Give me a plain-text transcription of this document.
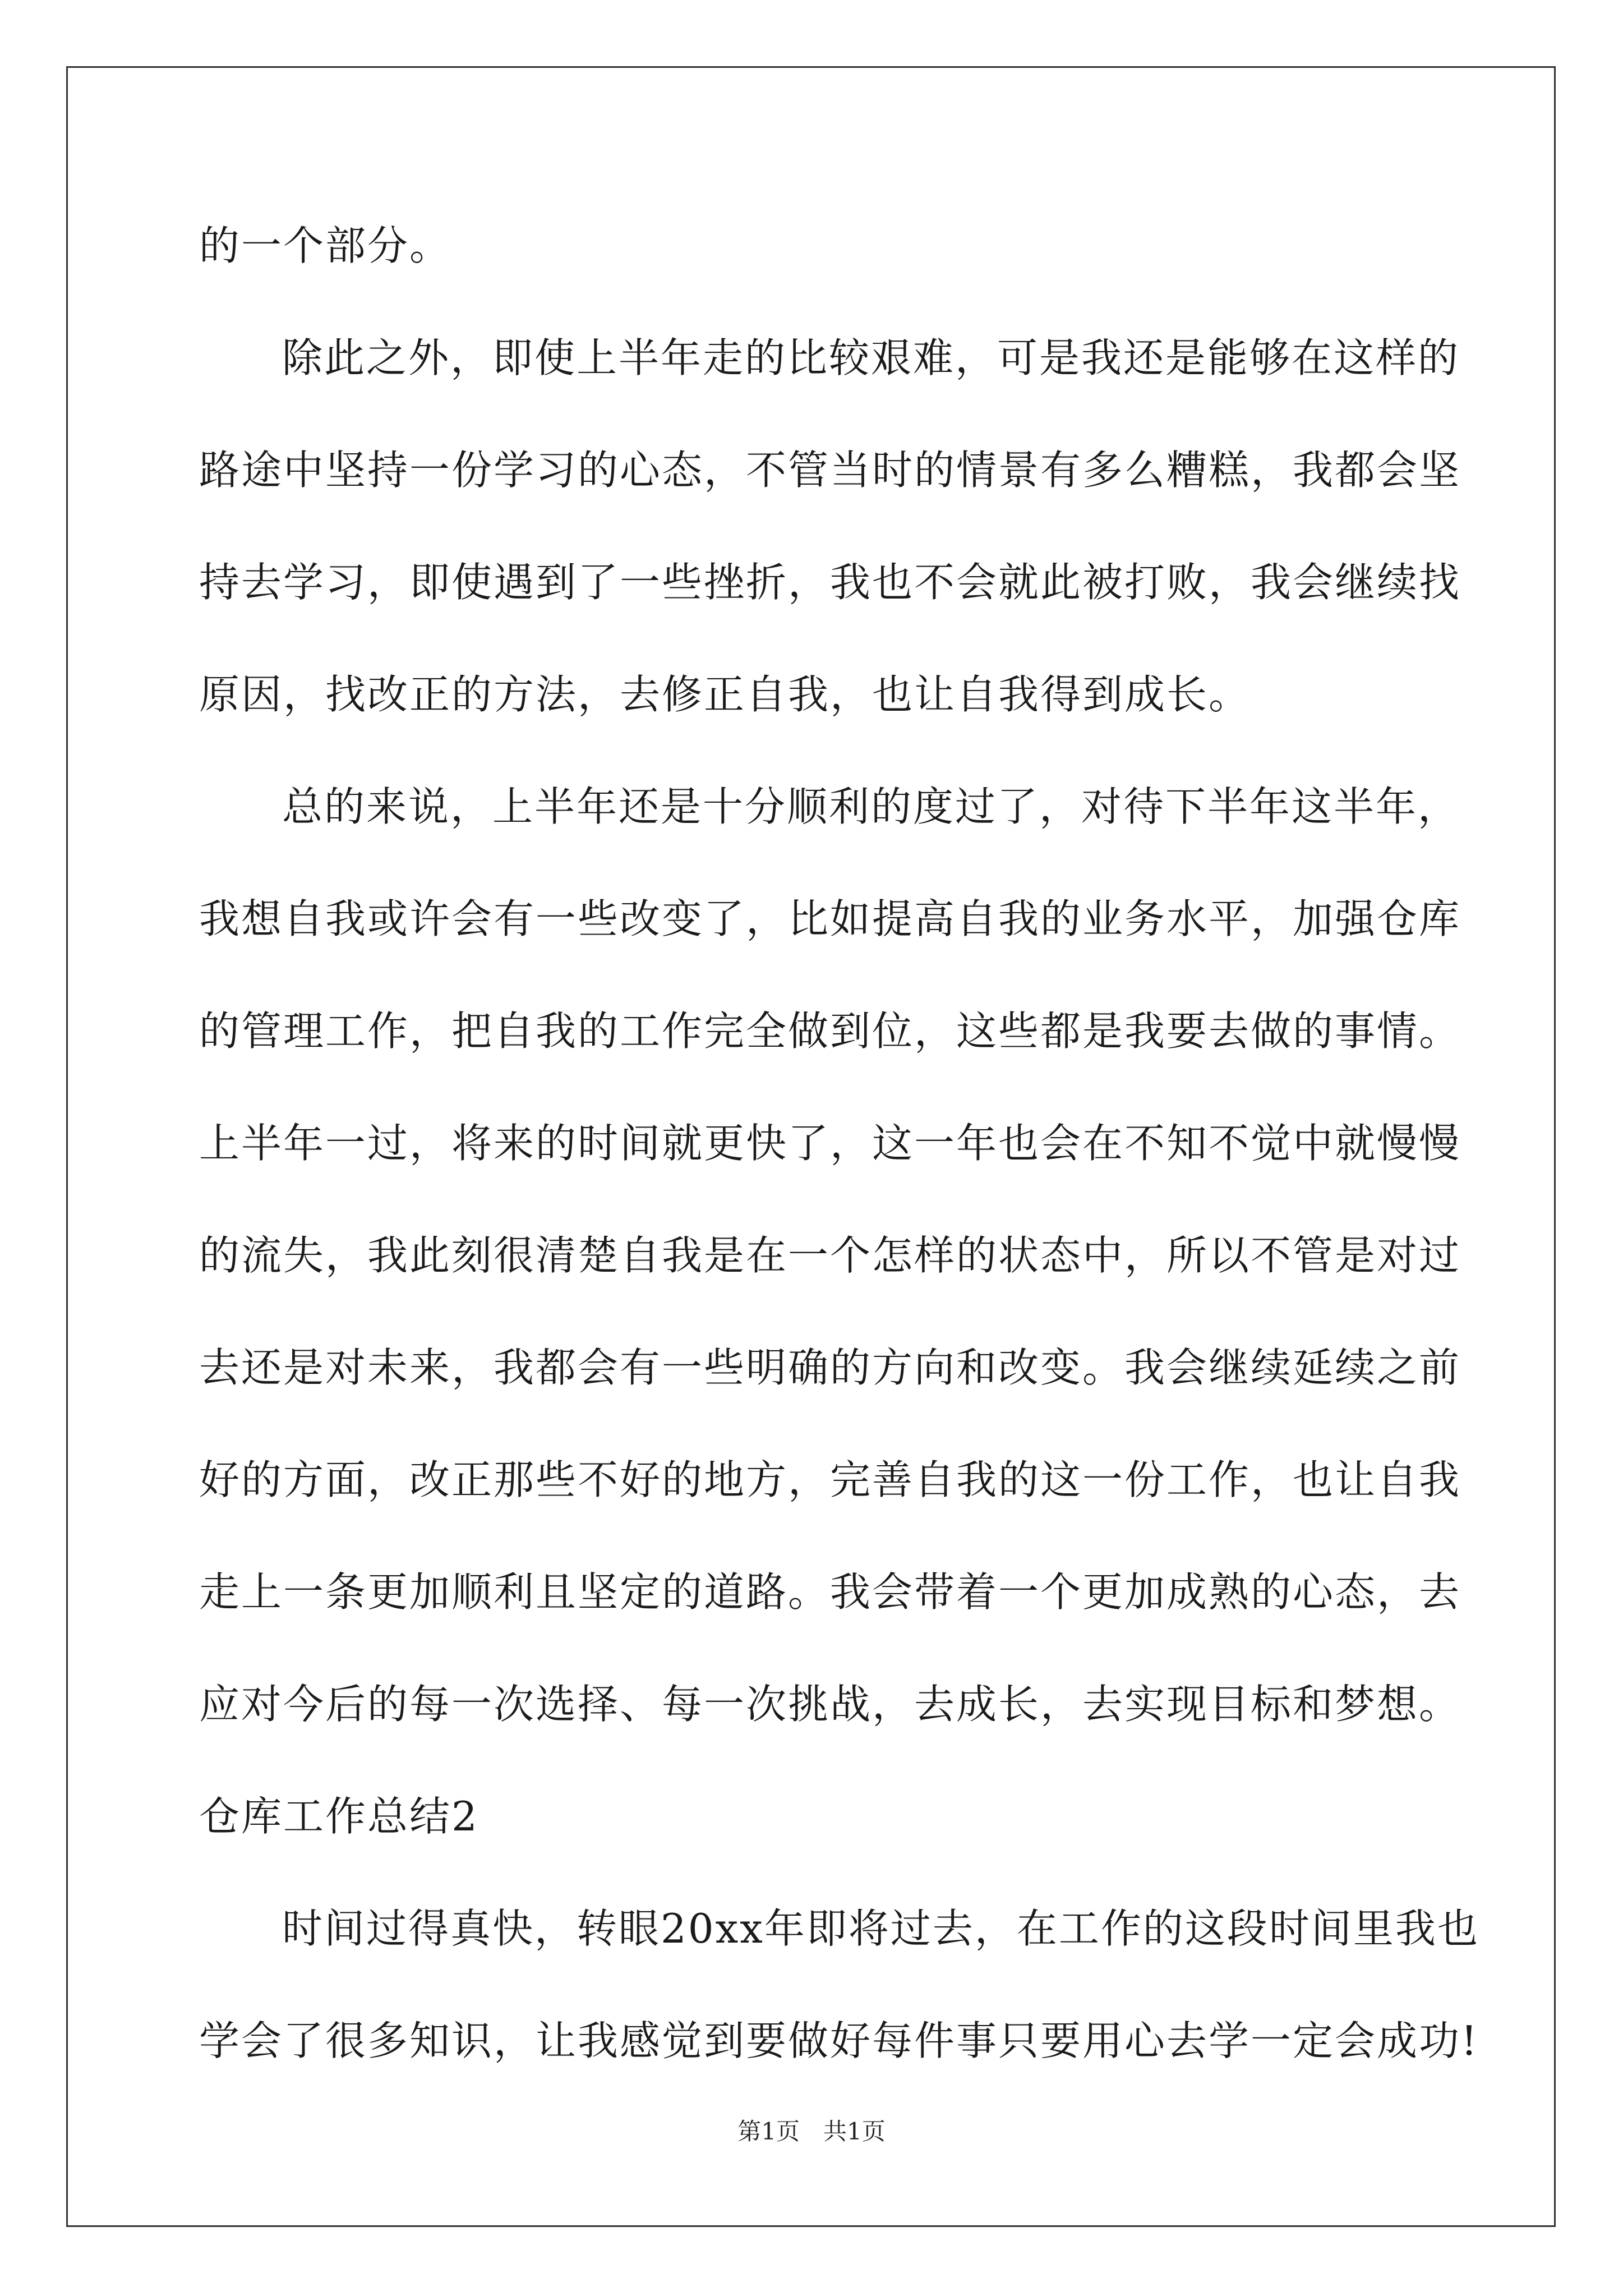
的一个部分。
除此之外，即使上半年走的比较艰难，可是我还是能够在这样的
路途中坚持一份学习的心态，不管当时的情景有多么糟糕，我都会坚
持去学习，即使遇到了一些挫折，我也不会就此被打败，我会继续找
原因，找改正的方法，去修正自我，也让自我得到成长。
总的来说，上半年还是十分顺利的度过了，对待下半年这半年，
我想自我或许会有一些改变了，比如提高自我的业务水平，加强仓库
的管理工作，把自我的工作完全做到位，这些都是我要去做的事情。
上半年一过，将来的时间就更快了，这一年也会在不知不觉中就慢慢
的流失，我此刻很清楚自我是在一个怎样的状态中，所以不管是对过
去还是对未来，我都会有一些明确的方向和改变。我会继续延续之前
好的方面，改正那些不好的地方，完善自我的这一份工作，也让自我
走上一条更加顺利且坚定的道路。我会带着一个更加成熟的心态，去
应对今后的每一次选择、每一次挑战，去成长，去实现目标和梦想。
仓库工作总结2
时间过得真快，转眼20xx年即将过去，在工作的这段时间里我也
学会了很多知识，让我感觉到要做好每件事只要用心去学一定会成功!
第1页　共1页
